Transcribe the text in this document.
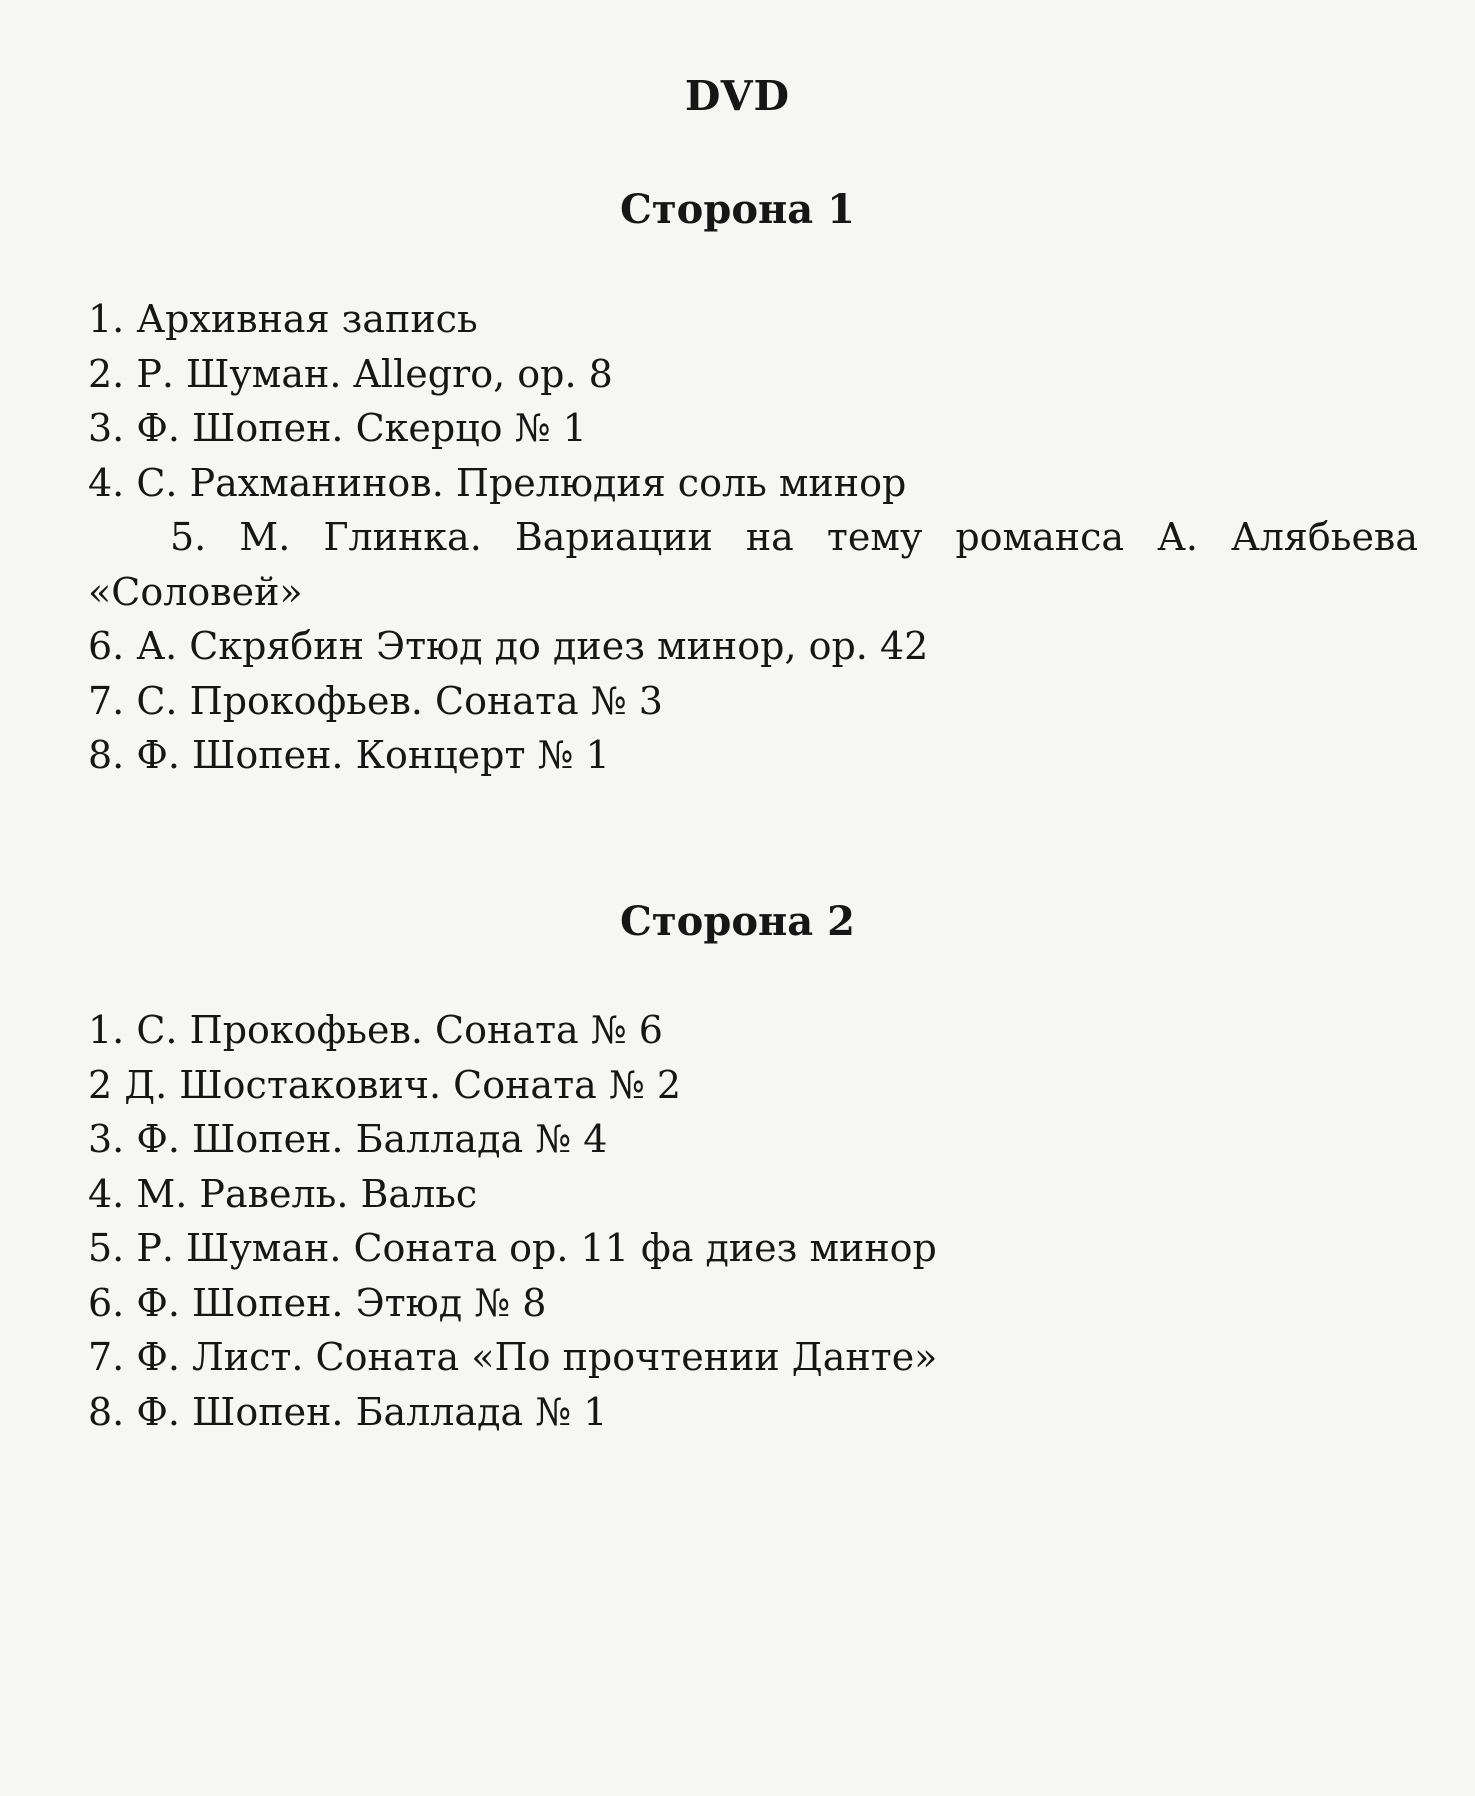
DVD
Сторона 1
1. Архивная запись
2. Р. Шуман. Allegro, ор. 8
3. Ф. Шопен. Скерцо № 1
4. С. Рахманинов. Прелюдия соль минор
5. М. Глинка. Вариации на тему романса А. Алябьева «Соловей»
6. А. Скрябин Этюд до диез минор, ор. 42
7. С. Прокофьев. Соната № 3
8. Ф. Шопен. Концерт № 1
Сторона 2
1. С. Прокофьев. Соната № 6
2 Д. Шостакович. Соната № 2
3. Ф. Шопен. Баллада № 4
4. М. Равель. Вальс
5. Р. Шуман. Соната ор. 11 фа диез минор
6. Ф. Шопен. Этюд № 8
7. Ф. Лист. Соната «По прочтении Данте»
8. Ф. Шопен. Баллада № 1
